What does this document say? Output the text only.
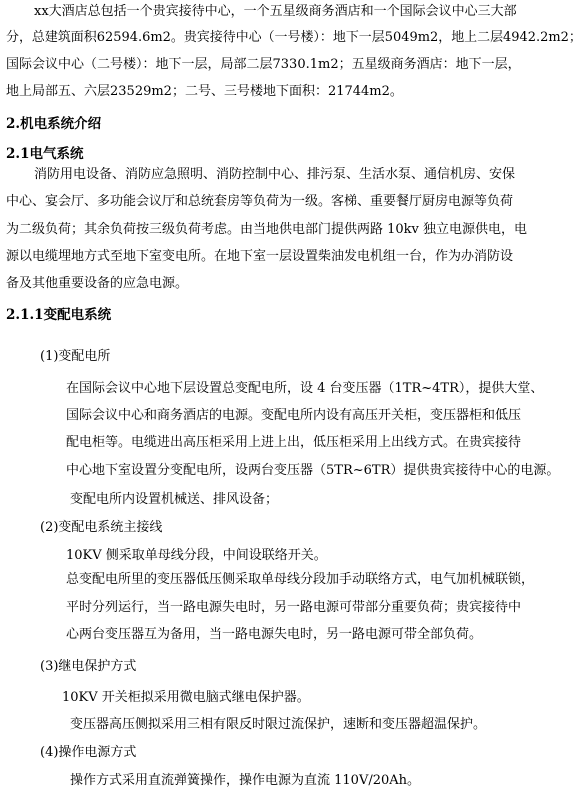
xx大酒店总包括一个贵宾接待中心，一个五星级商务酒店和一个国际会议中心三大部
分，总建筑面积62594.6m2。贵宾接待中心（一号楼）：地下一层5049m2，地上二层4942.2m2；
国际会议中心（二号楼）：地下一层，局部二层7330.1m2；五星级商务酒店：地下一层，
地上局部五、六层23529m2；二号、三号楼地下面积：21744m2。
2.机电系统介绍
2.1电气系统
消防用电设备、消防应急照明、消防控制中心、排污泵、生活水泵、通信机房、安保
中心、宴会厅、多功能会议厅和总统套房等负荷为一级。客梯、重要餐厅厨房电源等负荷
为二级负荷；其余负荷按三级负荷考虑。由当地供电部门提供两路 10kv 独立电源供电，电
源以电缆埋地方式至地下室变电所。在地下室一层设置柴油发电机组一台，作为办消防设
备及其他重要设备的应急电源。
2.1.1变配电系统
(1)变配电所
在国际会议中心地下层设置总变配电所，设 4 台变压器（1TR~4TR），提供大堂、
国际会议中心和商务酒店的电源。变配电所内设有高压开关柜，变压器柜和低压
配电柜等。电缆进出高压柜采用上进上出，低压柜采用上出线方式。在贵宾接待
中心地下室设置分变配电所，设两台变压器（5TR~6TR）提供贵宾接待中心的电源。
变配电所内设置机械送、排风设备；
(2)变配电系统主接线
10KV 侧采取单母线分段，中间设联络开关。
总变配电所里的变压器低压侧采取单母线分段加手动联络方式，电气加机械联锁，
平时分列运行，当一路电源失电时，另一路电源可带部分重要负荷；贵宾接待中
心两台变压器互为备用，当一路电源失电时，另一路电源可带全部负荷。
(3)继电保护方式
10KV 开关柜拟采用微电脑式继电保护器。
变压器高压侧拟采用三相有限反时限过流保护，速断和变压器超温保护。
(4)操作电源方式
操作方式采用直流弹簧操作，操作电源为直流 110V/20Ah。
